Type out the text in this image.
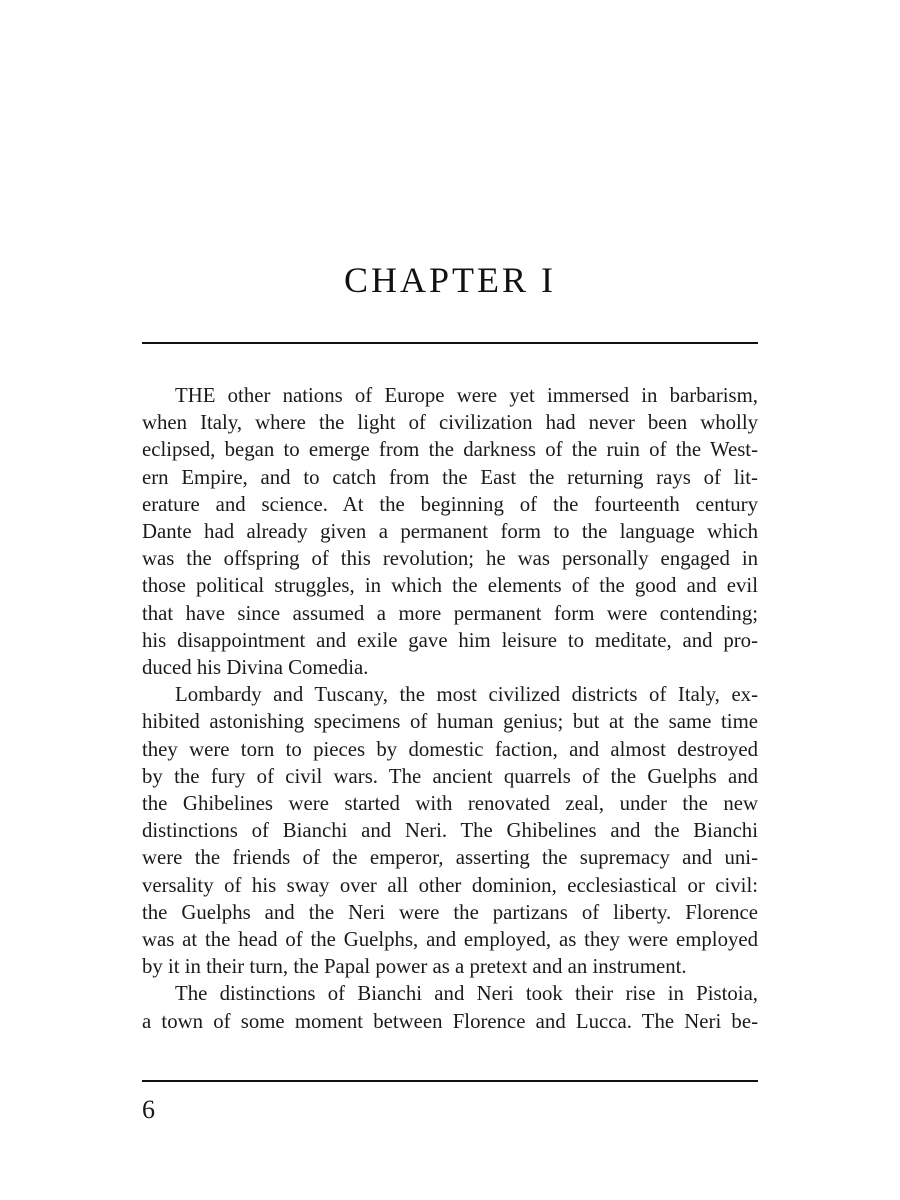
CHAPTER I
THE other nations of Europe were yet immersed in barbarism,
when Italy, where the light of civilization had never been wholly
eclipsed, began to emerge from the darkness of the ruin of the West-
ern Empire, and to catch from the East the returning rays of lit-
erature and science. At the beginning of the fourteenth century
Dante had already given a permanent form to the language which
was the offspring of this revolution; he was personally engaged in
those political struggles, in which the elements of the good and evil
that have since assumed a more permanent form were contending;
his disappointment and exile gave him leisure to meditate, and pro-
duced his Divina Comedia.
Lombardy and Tuscany, the most civilized districts of Italy, ex-
hibited astonishing specimens of human genius; but at the same time
they were torn to pieces by domestic faction, and almost destroyed
by the fury of civil wars. The ancient quarrels of the Guelphs and
the Ghibelines were started with renovated zeal, under the new
distinctions of Bianchi and Neri. The Ghibelines and the Bianchi
were the friends of the emperor, asserting the supremacy and uni-
versality of his sway over all other dominion, ecclesiastical or civil:
the Guelphs and the Neri were the partizans of liberty. Florence
was at the head of the Guelphs, and employed, as they were employed
by it in their turn, the Papal power as a pretext and an instrument.
The distinctions of Bianchi and Neri took their rise in Pistoia,
a town of some moment between Florence and Lucca. The Neri be-

6
